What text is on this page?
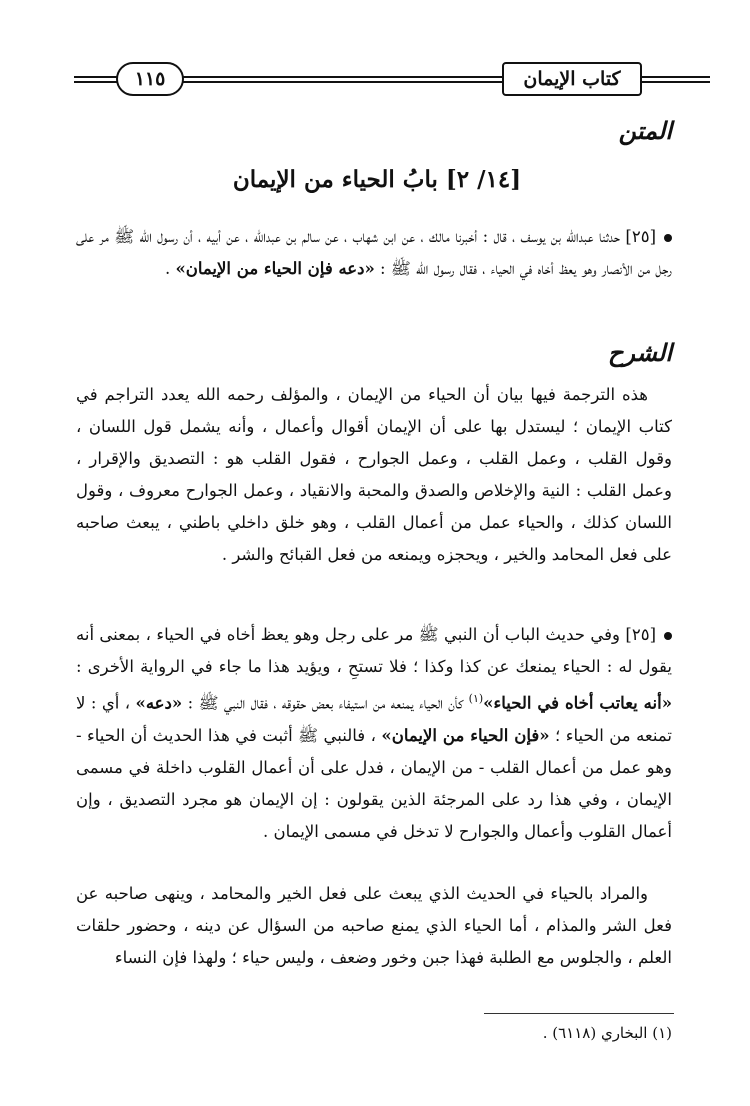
كتاب الإيمان
١١٥
المتن
[١٤/ ٢] بابُ الحياء من الإيمان

[٢٥] حدثنا عبدالله بن يوسف ، قال : أخبرنا مالك ، عن ابن شهاب ، عن سالم بن عبدالله ، عن أبيه ، أن رسول الله ﷺ مر على رجل من الأنصار وهو يعظ أخاه في الحياء ، فقال رسول الله ﷺ : «دعه فإن الحياء من الإيمان» .

الشرح

هذه الترجمة فيها بيان أن الحياء من الإيمان ، والمؤلف رحمه الله يعدد التراجم في كتاب الإيمان ؛ ليستدل بها على أن الإيمان أقوال وأعمال ، وأنه يشمل قول اللسان ، وقول القلب ، وعمل القلب ، وعمل الجوارح ، فقول القلب هو : التصديق والإقرار ، وعمل القلب : النية والإخلاص والصدق والمحبة والانقياد ، وعمل الجوارح معروف ، وقول اللسان كذلك ، والحياء عمل من أعمال القلب ، وهو خلق داخلي باطني ، يبعث صاحبه على فعل المحامد والخير ، ويحجزه ويمنعه من فعل القبائح والشر .

[٢٥] وفي حديث الباب أن النبي ﷺ مر على رجل وهو يعظ أخاه في الحياء ، بمعنى أنه يقول له : الحياء يمنعك عن كذا وكذا ؛ فلا تستحِ ، ويؤيد هذا ما جاء في الرواية الأخرى : «أنه يعاتب أخاه في الحياء»$^{(١)}$ كأن الحياء يمنعه من استيفاء بعض حقوقه ، فقال النبي ﷺ : «دعه» ، أي : لا تمنعه من الحياء ؛ «فإن الحياء من الإيمان» ، فالنبي ﷺ أثبت في هذا الحديث أن الحياء - وهو عمل من أعمال القلب - من الإيمان ، فدل على أن أعمال القلوب داخلة في مسمى الإيمان ، وفي هذا رد على المرجئة الذين يقولون : إن الإيمان هو مجرد التصديق ، وإن أعمال القلوب وأعمال والجوارح لا تدخل في مسمى الإيمان .

والمراد بالحياء في الحديث الذي يبعث على فعل الخير والمحامد ، وينهى صاحبه عن فعل الشر والمذام ، أما الحياء الذي يمنع صاحبه من السؤال عن دينه ، وحضور حلقات العلم ، والجلوس مع الطلبة فهذا جبن وخور وضعف ، وليس حياء ؛ ولهذا فإن النساء

(١) البخاري (٦١١٨) .
